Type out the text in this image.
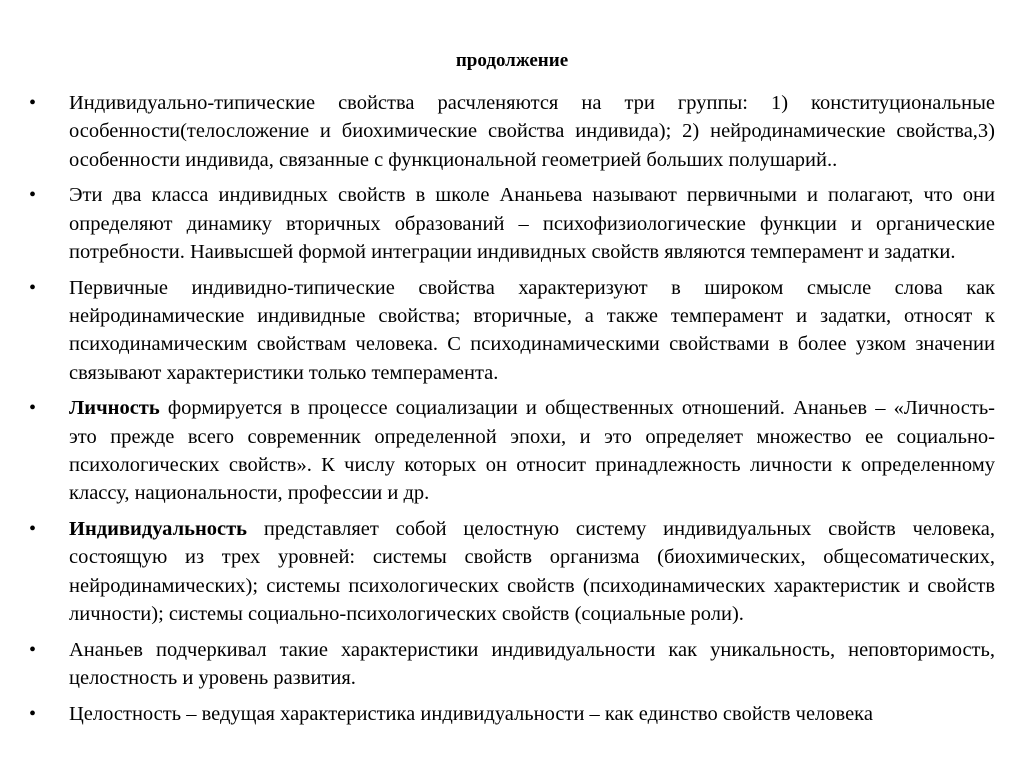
продолжение
• Индивидуально-типические свойства расчленяются на три группы: 1) конституциональные особенности(телосложение и биохимические свойства индивида); 2) нейродинамические свойства,3) особенности индивида, связанные с функциональной геометрией больших полушарий..
• Эти два класса индивидных свойств в школе Ананьева называют первичными и полагают, что они определяют динамику вторичных образований – психофизиологические функции и органические потребности. Наивысшей формой интеграции индивидных свойств являются темперамент и задатки.
• Первичные индивидно-типические свойства характеризуют в широком смысле слова как нейродинамические индивидные свойства; вторичные, а также темперамент и задатки, относят к психодинамическим свойствам человека. С психодинамическими свойствами в более узком значении связывают характеристики только темперамента.
• Личность формируется в процессе социализации и общественных отношений. Ананьев – «Личность- это прежде всего современник определенной эпохи, и это определяет множество ее социально-психологических свойств». К числу которых он относит принадлежность личности к определенному классу, национальности, профессии и др.
• Индивидуальность представляет собой целостную систему индивидуальных свойств человека, состоящую из трех уровней: системы свойств организма (биохимических, общесоматических, нейродинамических); системы психологических свойств (психодинамических характеристик и свойств личности); системы социально-психологических свойств (социальные роли).
• Ананьев подчеркивал такие характеристики индивидуальности как уникальность, неповторимость, целостность и уровень развития.
• Целостность – ведущая характеристика индивидуальности – как единство свойств человека
